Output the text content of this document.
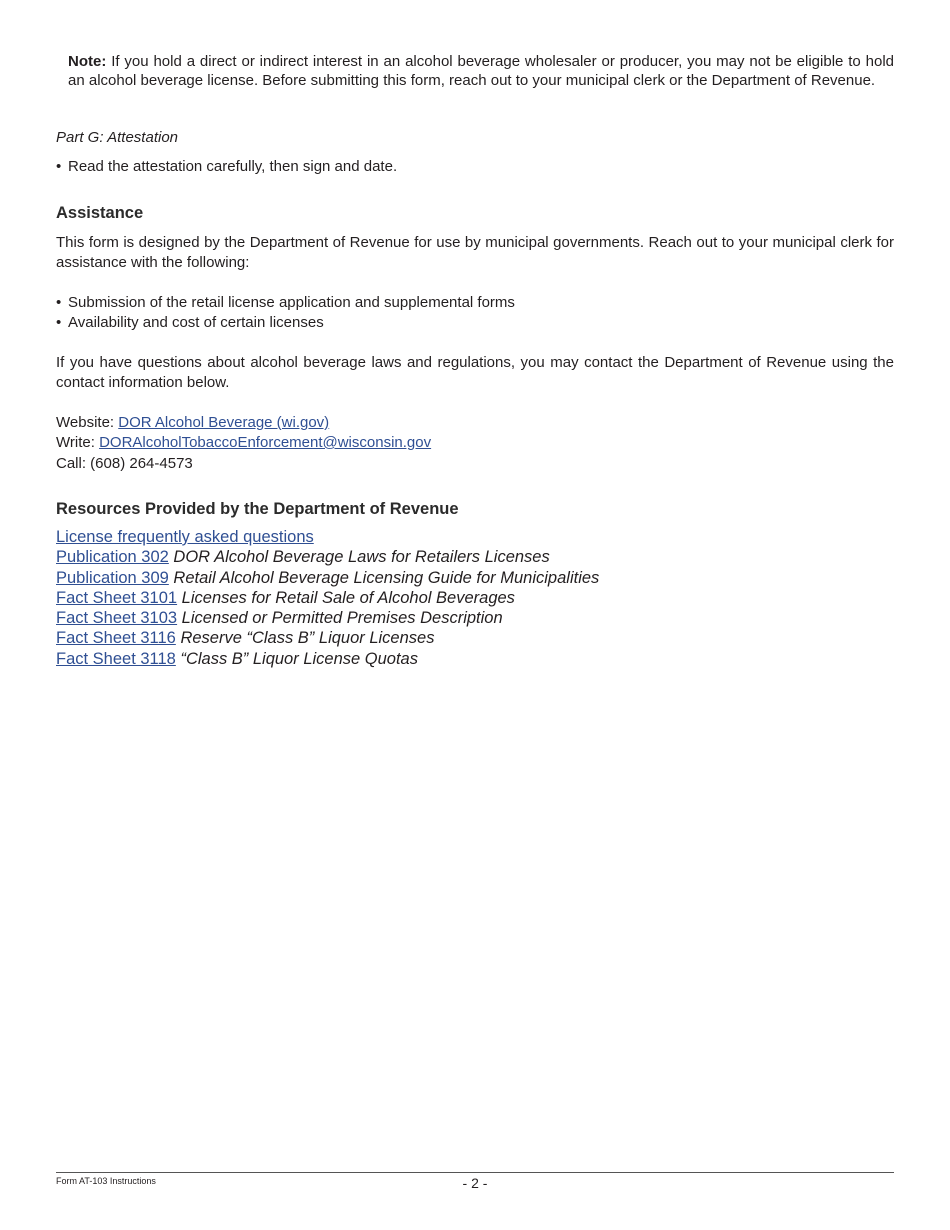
Note: If you hold a direct or indirect interest in an alcohol beverage wholesaler or producer, you may not be eligible to hold an alcohol beverage license. Before submitting this form, reach out to your municipal clerk or the Department of Revenue.
Part G: Attestation
• Read the attestation carefully, then sign and date.
Assistance
This form is designed by the Department of Revenue for use by municipal governments. Reach out to your municipal clerk for assistance with the following:
• Submission of the retail license application and supplemental forms
• Availability and cost of certain licenses
If you have questions about alcohol beverage laws and regulations, you may contact the Department of Revenue using the contact information below.
Website: DOR Alcohol Beverage (wi.gov)
Write: DORAlcoholTobaccoEnforcement@wisconsin.gov
Call: (608) 264-4573
Resources Provided by the Department of Revenue
License frequently asked questions
Publication 302 DOR Alcohol Beverage Laws for Retailers Licenses
Publication 309 Retail Alcohol Beverage Licensing Guide for Municipalities
Fact Sheet 3101 Licenses for Retail Sale of Alcohol Beverages
Fact Sheet 3103 Licensed or Permitted Premises Description
Fact Sheet 3116 Reserve “Class B” Liquor Licenses
Fact Sheet 3118 “Class B” Liquor License Quotas
Form AT-103 Instructions	- 2 -
